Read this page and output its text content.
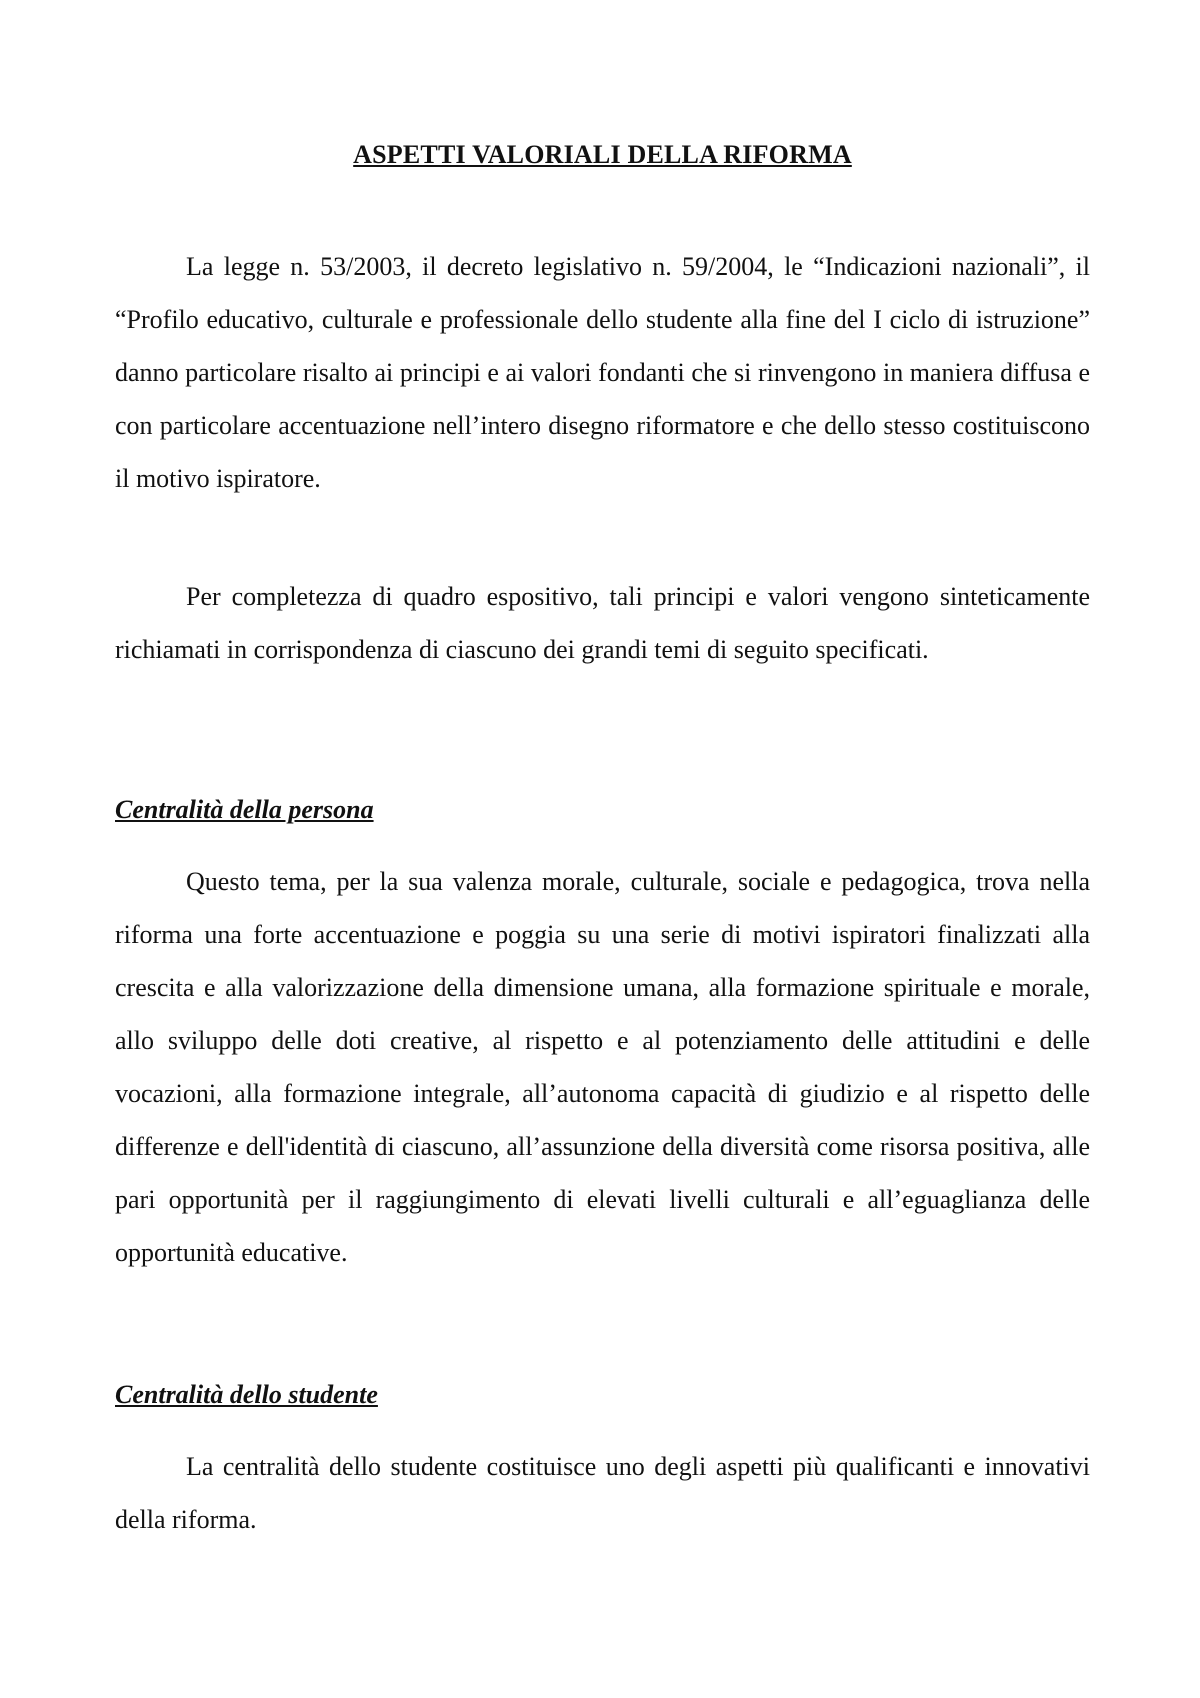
ASPETTI VALORIALI DELLA RIFORMA

La legge n. 53/2003, il decreto legislativo n. 59/2004, le “Indicazioni nazionali”, il “Profilo educativo, culturale e professionale dello studente alla fine del I ciclo di istruzione” danno particolare risalto ai principi e ai valori fondanti che si rinvengono in maniera diffusa e con particolare accentuazione nell’intero disegno riformatore e che dello stesso costituiscono il motivo ispiratore.

Per completezza di quadro espositivo, tali principi e valori vengono sinteticamente richiamati in corrispondenza di ciascuno dei grandi temi di seguito specificati.

Centralità della persona

Questo tema, per la sua valenza morale, culturale, sociale e pedagogica, trova nella riforma una forte accentuazione e poggia su una serie di motivi ispiratori finalizzati alla crescita e alla valorizzazione della dimensione umana, alla formazione spirituale e morale, allo sviluppo delle doti creative, al rispetto e al potenziamento delle attitudini e delle vocazioni, alla formazione integrale, all’autonoma capacità di giudizio e al rispetto delle differenze e dell'identità di ciascuno, all’assunzione della diversità come risorsa positiva, alle pari opportunità per il raggiungimento di elevati livelli culturali e all’eguaglianza delle opportunità educative.

Centralità dello studente

La centralità dello studente costituisce uno degli aspetti più qualificanti e innovativi della riforma.
